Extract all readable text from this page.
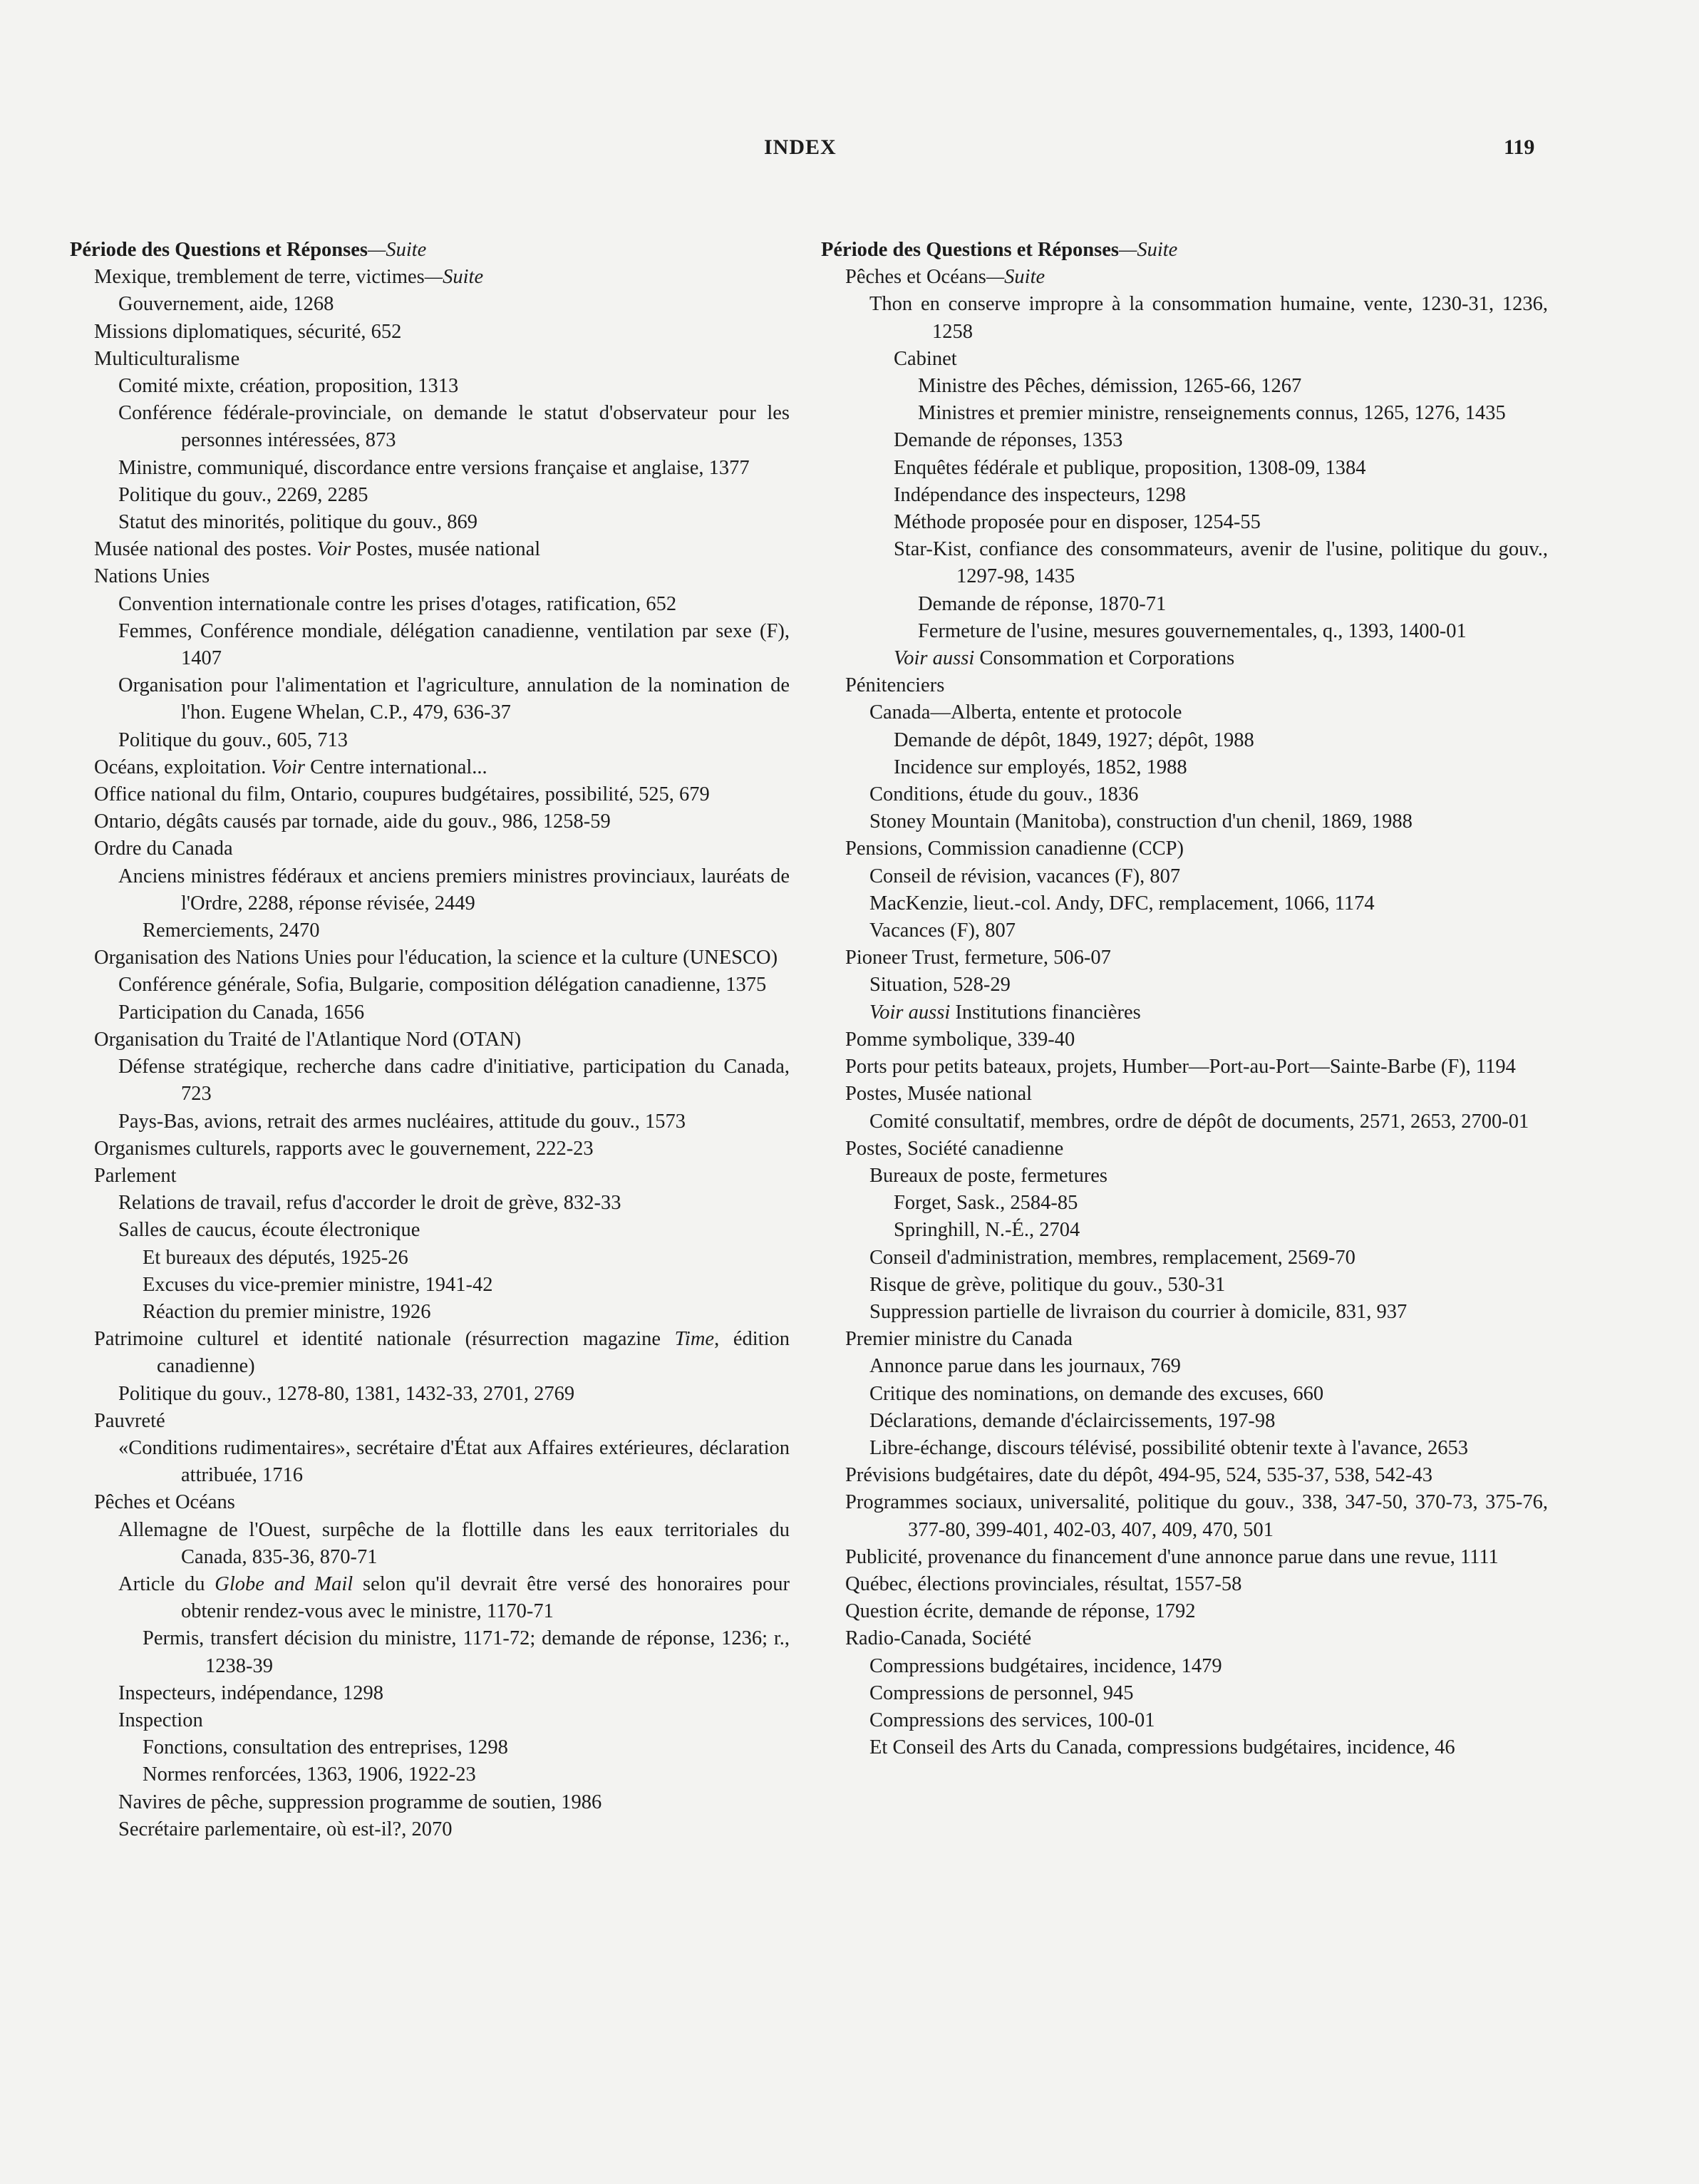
INDEX	119
Période des Questions et Réponses—Suite
Mexique, tremblement de terre, victimes—Suite
Gouvernement, aide, 1268
Missions diplomatiques, sécurité, 652
Multiculturalisme
Comité mixte, création, proposition, 1313
Conférence fédérale-provinciale, on demande le statut d'observateur pour les personnes intéressées, 873
Ministre, communiqué, discordance entre versions française et anglaise, 1377
Politique du gouv., 2269, 2285
Statut des minorités, politique du gouv., 869
Musée national des postes. Voir Postes, musée national
Nations Unies
Convention internationale contre les prises d'otages, ratification, 652
Femmes, Conférence mondiale, délégation canadienne, ventilation par sexe (F), 1407
Organisation pour l'alimentation et l'agriculture, annulation de la nomination de l'hon. Eugene Whelan, C.P., 479, 636-37
Politique du gouv., 605, 713
Océans, exploitation. Voir Centre international...
Office national du film, Ontario, coupures budgétaires, possibilité, 525, 679
Ontario, dégâts causés par tornade, aide du gouv., 986, 1258-59
Ordre du Canada
Anciens ministres fédéraux et anciens premiers ministres provinciaux, lauréats de l'Ordre, 2288, réponse révisée, 2449
Remerciements, 2470
Organisation des Nations Unies pour l'éducation, la science et la culture (UNESCO)
Conférence générale, Sofia, Bulgarie, composition délégation canadienne, 1375
Participation du Canada, 1656
Organisation du Traité de l'Atlantique Nord (OTAN)
Défense stratégique, recherche dans cadre d'initiative, participation du Canada, 723
Pays-Bas, avions, retrait des armes nucléaires, attitude du gouv., 1573
Organismes culturels, rapports avec le gouvernement, 222-23
Parlement
Relations de travail, refus d'accorder le droit de grève, 832-33
Salles de caucus, écoute électronique
Et bureaux des députés, 1925-26
Excuses du vice-premier ministre, 1941-42
Réaction du premier ministre, 1926
Patrimoine culturel et identité nationale (résurrection magazine Time, édition canadienne)
Politique du gouv., 1278-80, 1381, 1432-33, 2701, 2769
Pauvreté
«Conditions rudimentaires», secrétaire d'État aux Affaires extérieures, déclaration attribuée, 1716
Pêches et Océans
Allemagne de l'Ouest, surpêche de la flottille dans les eaux territoriales du Canada, 835-36, 870-71
Article du Globe and Mail selon qu'il devrait être versé des honoraires pour obtenir rendez-vous avec le ministre, 1170-71
Permis, transfert décision du ministre, 1171-72; demande de réponse, 1236; r., 1238-39
Inspecteurs, indépendance, 1298
Inspection
Fonctions, consultation des entreprises, 1298
Normes renforcées, 1363, 1906, 1922-23
Navires de pêche, suppression programme de soutien, 1986
Secrétaire parlementaire, où est-il?, 2070
Période des Questions et Réponses—Suite
Pêches et Océans—Suite
Thon en conserve impropre à la consommation humaine, vente, 1230-31, 1236, 1258
Cabinet
Ministre des Pêches, démission, 1265-66, 1267
Ministres et premier ministre, renseignements connus, 1265, 1276, 1435
Demande de réponses, 1353
Enquêtes fédérale et publique, proposition, 1308-09, 1384
Indépendance des inspecteurs, 1298
Méthode proposée pour en disposer, 1254-55
Star-Kist, confiance des consommateurs, avenir de l'usine, politique du gouv., 1297-98, 1435
Demande de réponse, 1870-71
Fermeture de l'usine, mesures gouvernementales, q., 1393, 1400-01
Voir aussi Consommation et Corporations
Pénitenciers
Canada—Alberta, entente et protocole
Demande de dépôt, 1849, 1927; dépôt, 1988
Incidence sur employés, 1852, 1988
Conditions, étude du gouv., 1836
Stoney Mountain (Manitoba), construction d'un chenil, 1869, 1988
Pensions, Commission canadienne (CCP)
Conseil de révision, vacances (F), 807
MacKenzie, lieut.-col. Andy, DFC, remplacement, 1066, 1174
Vacances (F), 807
Pioneer Trust, fermeture, 506-07
Situation, 528-29
Voir aussi Institutions financières
Pomme symbolique, 339-40
Ports pour petits bateaux, projets, Humber—Port-au-Port—Sainte-Barbe (F), 1194
Postes, Musée national
Comité consultatif, membres, ordre de dépôt de documents, 2571, 2653, 2700-01
Postes, Société canadienne
Bureaux de poste, fermetures
Forget, Sask., 2584-85
Springhill, N.-É., 2704
Conseil d'administration, membres, remplacement, 2569-70
Risque de grève, politique du gouv., 530-31
Suppression partielle de livraison du courrier à domicile, 831, 937
Premier ministre du Canada
Annonce parue dans les journaux, 769
Critique des nominations, on demande des excuses, 660
Déclarations, demande d'éclaircissements, 197-98
Libre-échange, discours télévisé, possibilité obtenir texte à l'avance, 2653
Prévisions budgétaires, date du dépôt, 494-95, 524, 535-37, 538, 542-43
Programmes sociaux, universalité, politique du gouv., 338, 347-50, 370-73, 375-76, 377-80, 399-401, 402-03, 407, 409, 470, 501
Publicité, provenance du financement d'une annonce parue dans une revue, 1111
Québec, élections provinciales, résultat, 1557-58
Question écrite, demande de réponse, 1792
Radio-Canada, Société
Compressions budgétaires, incidence, 1479
Compressions de personnel, 945
Compressions des services, 100-01
Et Conseil des Arts du Canada, compressions budgétaires, incidence, 46
